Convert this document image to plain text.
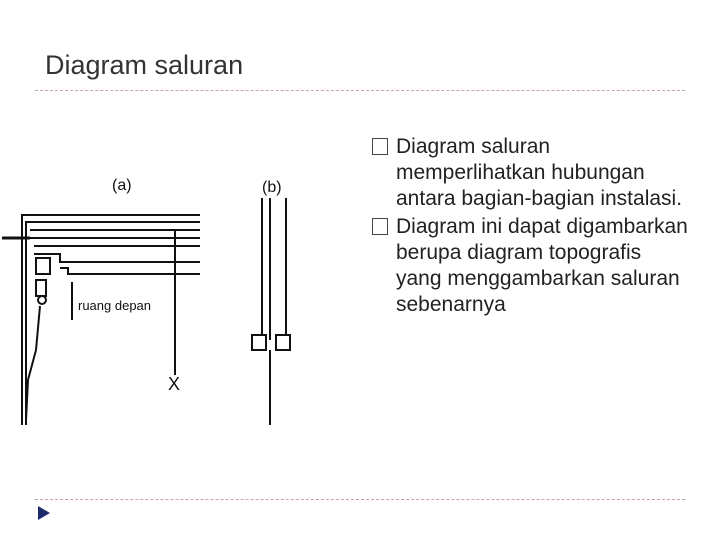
Diagram saluran
(a)	(b)
ruang depan
X
Diagram saluran memperlihatkan hubungan antara bagian-bagian instalasi.
Diagram ini dapat digambarkan berupa diagram topografis yang menggambarkan saluran sebenarnya
